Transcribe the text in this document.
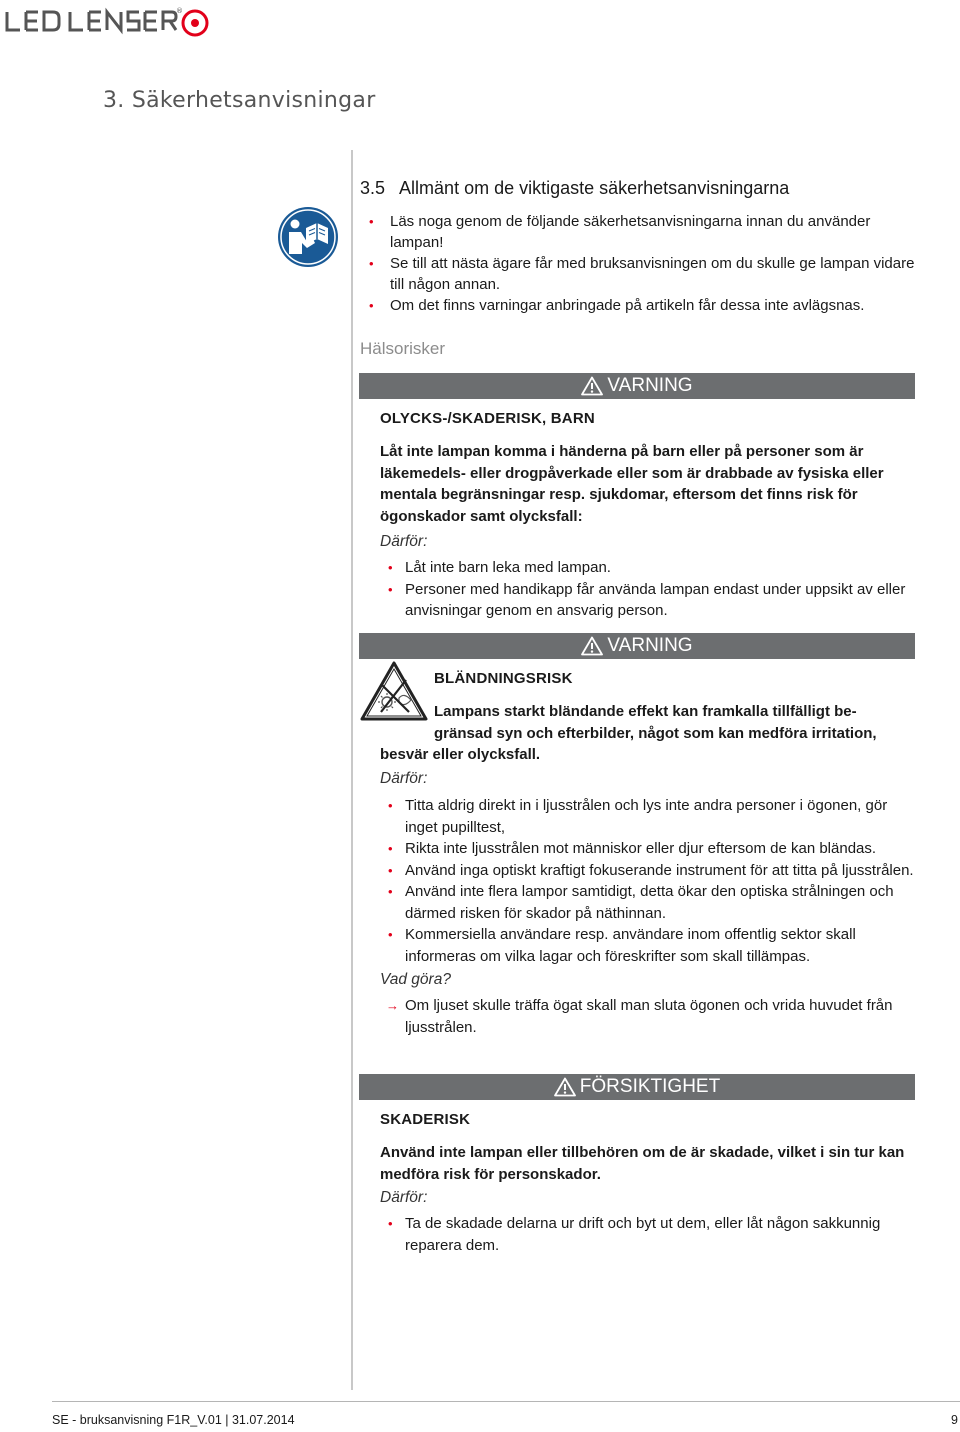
®
3. Säkerhetsanvisningar
3.5 Allmänt om de viktigaste säkerhetsanvisningarna
• Läs noga genom de följande säkerhetsanvisningarna innan du använder lampan!
• Se till att nästa ägare får med bruksanvisningen om du skulle ge lampan vidare till någon annan.
• Om det finns varningar anbringade på artikeln får dessa inte avlägsnas.
Hälsorisker
VARNING

OLYCKS-/SKADERISK, BARN

Låt inte lampan komma i händerna på barn eller på personer som är läkemedels- eller drogpåverkade eller som är drabbade av fysiska eller mentala begränsningar resp. sjukdomar, eftersom det finns risk för ögonskador samt olycksfall:

Därför:

• Låt inte barn leka med lampan.
• Personer med handikapp får använda lampan endast under uppsikt av eller anvisningar genom en ansvarig person.
VARNING

BLÄNDNINGSRISK

Lampans starkt bländande effekt kan framkalla tillfälligt be-

gränsad syn och efterbilder, något som kan medföra irritation,

besvär eller olycksfall.

Därför:

• Titta aldrig direkt in i ljusstrålen och lys inte andra personer i ögonen, gör inget pupilltest,
• Rikta inte ljusstrålen mot människor eller djur eftersom de kan bländas.
• Använd inga optiskt kraftigt fokuserande instrument för att titta på ljusstrålen.
• Använd inte flera lampor samtidigt, detta ökar den optiska strålningen och därmed risken för skador på näthinnan.
• Kommersiella användare resp. användare inom offentlig sektor skall informeras om vilka lagar och föreskrifter som skall tillämpas.

Vad göra?

→ Om ljuset skulle träffa ögat skall man sluta ögonen och vrida huvudet från ljusstrålen.
FÖRSIKTIGHET

SKADERISK

Använd inte lampan eller tillbehören om de är skadade, vilket i sin tur kan medföra risk för personskador.

Därför:

• Ta de skadade delarna ur drift och byt ut dem, eller låt någon sakkunnig reparera dem.
SE - bruksanvisning F1R_V.01 | 31.07.2014	9
